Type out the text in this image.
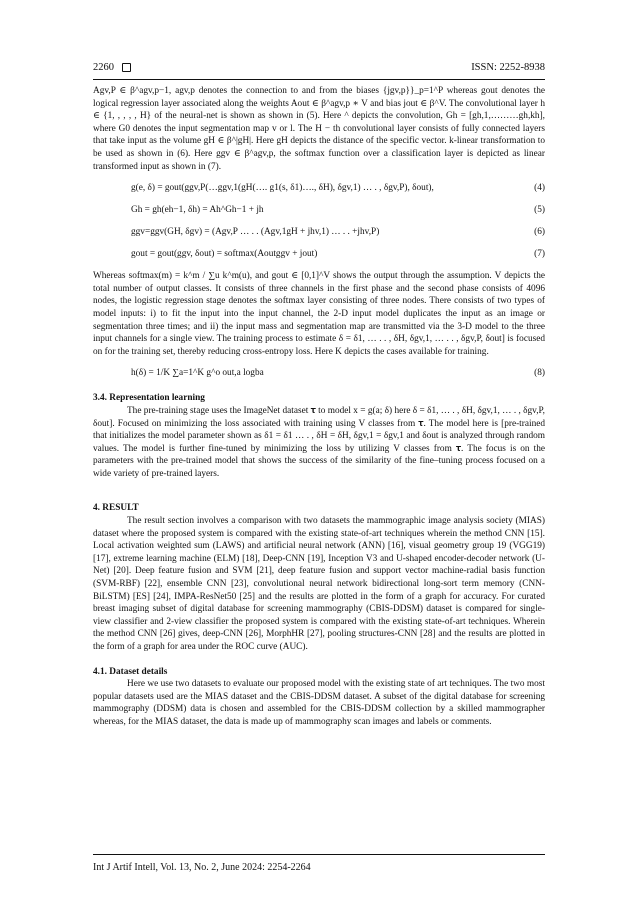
2260	ISSN: 2252-8938

Agv,P ∈ β^agv,p−1, agv,p denotes the connection to and from the biases {jgv,p}}_p=1^P whereas gout denotes the logical regression layer associated along the weights Aout ∈ β^agv,p ∗ V and bias jout ∈ β^V. The convolutional layer h ∈ {1, , , , , H} of the neural-net is shown as shown in (5). Here ^ depicts the convolution, Gh = [gh,1,………gh,kh], where G0 denotes the input segmentation map v or l. The H − th convolutional layer consists of fully connected layers that take input as the volume gH ∈ β^|gH|. Here gH depicts the distance of the specific vector. k-linear transformation to be used as shown in (6). Here ggv ∈ β^agv,p, the softmax function over a classification layer is depicted as linear transformed input as shown in (7).

g(e, δ) = gout(ggv,P(…ggv,1(gH(…. g1(s, δ1)…., δH), δgv,1) … . , δgv,P), δout),	(4)
Gh = gh(eh−1, δh) = Ah^Gh−1 + jh	(5)
ggv=ggv(GH, δgv) = (Agv,P … . . (Agv,1gH + jhv,1) … . . +jhv,P)	(6)
gout = gout(ggv, δout) = softmax(Aoutggv + jout)	(7)

Whereas softmax(m) = k^m / ∑u k^m(u), and gout ∈ [0,1]^V shows the output through the assumption. V depicts the total number of output classes. It consists of three channels in the first phase and the second phase consists of 4096 nodes, the logistic regression stage denotes the softmax layer consisting of three nodes. There consists of two types of model inputs: i) to fit the input into the input channel, the 2-D input model duplicates the input as an image or segmentation three times; and ii) the input mass and segmentation map are transmitted via the 3-D model to the three input channels for a single view. The training process to estimate δ = δ1, … . . , δH, δgv,1, … . . , δgv,P, δout] is focused on for the training set, thereby reducing cross-entropy loss. Here K depicts the cases available for training.

h(δ) = 1/K ∑a=1^K g^o out,a logba	(8)
3.4. Representation learning

The pre-training stage uses the ImageNet dataset 𝛕 to model x = g(a; δ) here δ = δ1, … . , δH, δgv,1, … . , δgv,P, δout]. Focused on minimizing the loss associated with training using V classes from 𝛕. The model here is [pre-trained that initializes the model parameter shown as δ1 = δ1 … . , δH = δH, δgv,1 = δgv,1 and δout is analyzed through random values. The model is further fine-tuned by minimizing the loss by utilizing V classes from 𝛕. The focus is on the parameters with the pre-trained model that shows the success of the similarity of the fine–tuning process focused on a wide variety of pre-trained layers.

4. RESULT

The result section involves a comparison with two datasets the mammographic image analysis society (MIAS) dataset where the proposed system is compared with the existing state-of-art techniques wherein the method CNN [15]. Local activation weighted sum (LAWS) and artificial neural network (ANN) [16], visual geometry group 19 (VGG19) [17], extreme learning machine (ELM) [18], Deep-CNN [19], Inception V3 and U-shaped encoder-decoder network (U-Net) [20]. Deep feature fusion and SVM [21], deep feature fusion and support vector machine-radial basis function (SVM-RBF) [22], ensemble CNN [23], convolutional neural network bidirectional long-sort term memory (CNN-BiLSTM) [ES] [24], IMPA-ResNet50 [25] and the results are plotted in the form of a graph for accuracy. For curated breast imaging subset of digital database for screening mammography (CBIS-DDSM) dataset is compared for single-view classifier and 2-view classifier the proposed system is compared with the existing state-of-art techniques. Wherein the method CNN [26] gives, deep-CNN [26], MorphHR [27], pooling structures-CNN [28] and the results are plotted in the form of a graph for area under the ROC curve (AUC).

4.1. Dataset details

Here we use two datasets to evaluate our proposed model with the existing state of art techniques. The two most popular datasets used are the MIAS dataset and the CBIS-DDSM dataset. A subset of the digital database for screening mammography (DDSM) data is chosen and assembled for the CBIS-DDSM collection by a skilled mammographer whereas, for the MIAS dataset, the data is made up of mammography scan images and labels or comments.

Int J Artif Intell, Vol. 13, No. 2, June 2024: 2254-2264
